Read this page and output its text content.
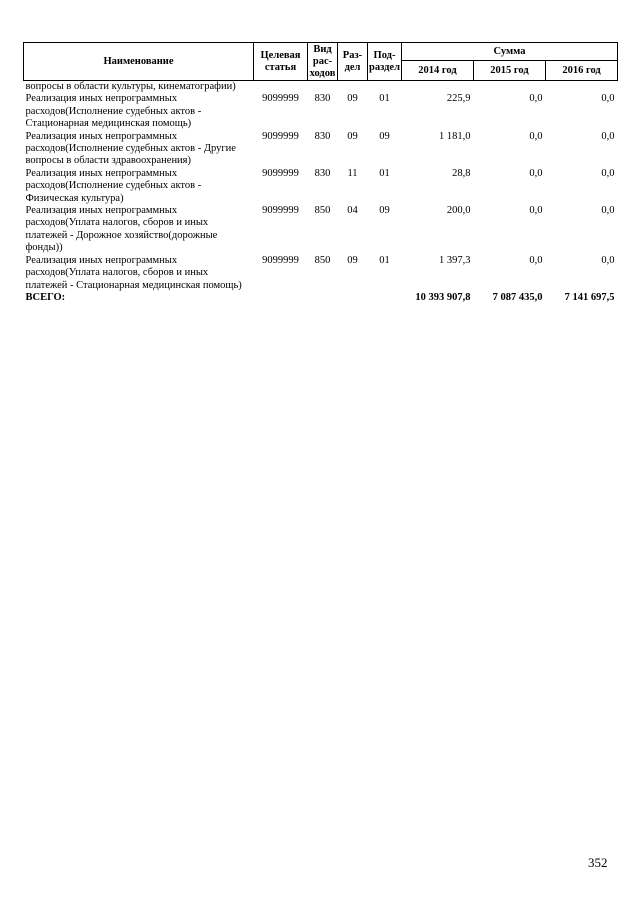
Наименование	Целевая статья	Вид рас-ходов	Раз-дел	Под-раздел	Сумма		
					2014 год	2015 год	2016 год
вопросы в области культуры, кинематографии)							
Реализация иных непрограммных расходов(Исполнение судебных актов - Стационарная медицинская помощь)	9099999	830	09	01	225,9	0,0	0,0
Реализация иных непрограммных расходов(Исполнение судебных актов - Другие вопросы в области здравоохранения)	9099999	830	09	09	1 181,0	0,0	0,0
Реализация иных непрограммных расходов(Исполнение судебных актов - Физическая культура)	9099999	830	11	01	28,8	0,0	0,0
Реализация иных непрограммных расходов(Уплата налогов, сборов и иных платежей - Дорожное хозяйство(дорожные фонды))	9099999	850	04	09	200,0	0,0	0,0
Реализация иных непрограммных расходов(Уплата налогов, сборов и иных платежей - Стационарная медицинская помощь)	9099999	850	09	01	1 397,3	0,0	0,0
ВСЕГО:					10 393 907,8	7 087 435,0	7 141 697,5
352
